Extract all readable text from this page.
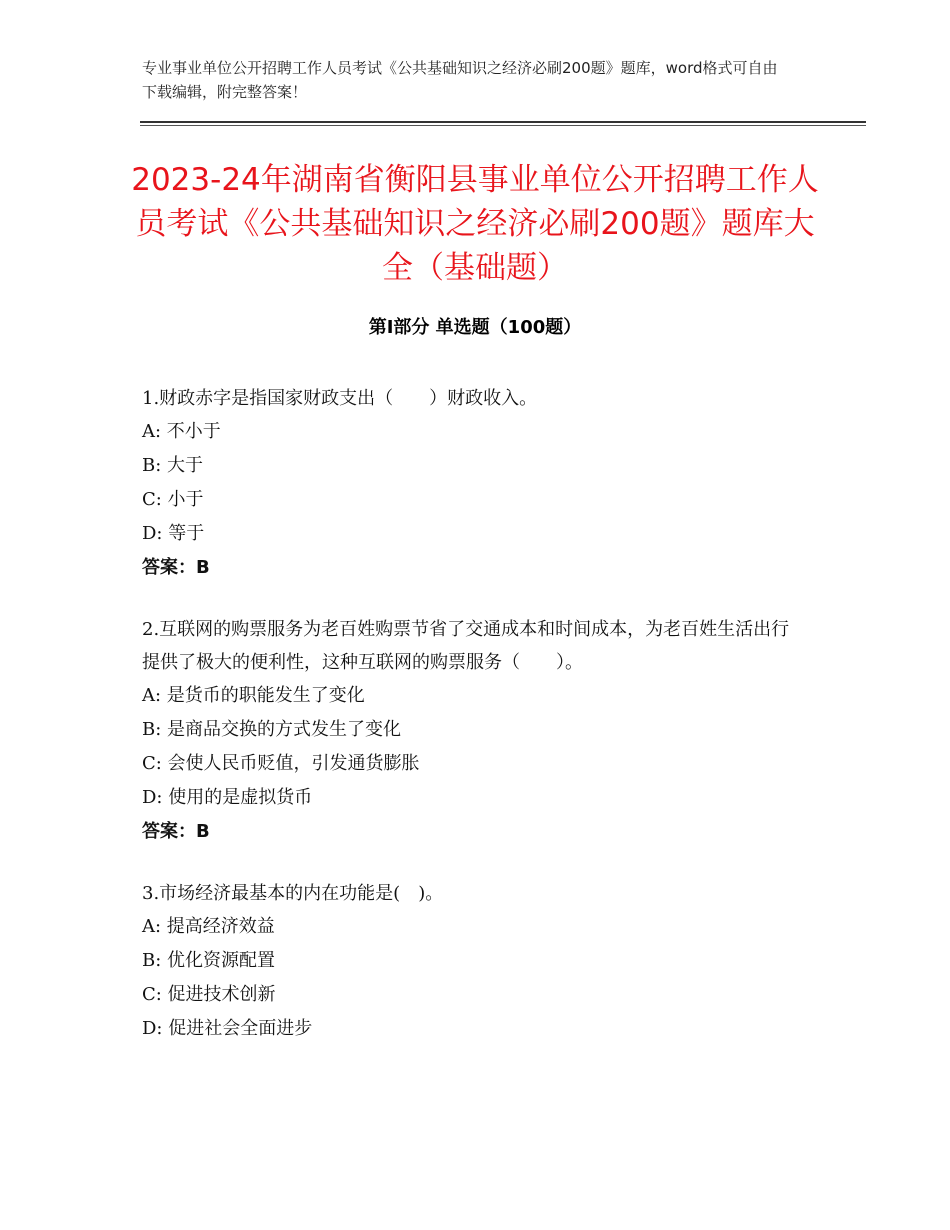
专业事业单位公开招聘工作人员考试《公共基础知识之经济必刷200题》题库，word格式可自由下载编辑，附完整答案！
2023-24年湖南省衡阳县事业单位公开招聘工作人员考试《公共基础知识之经济必刷200题》题库大全（基础题）
第Ⅰ部分 单选题（100题）

1.财政赤字是指国家财政支出（　　）财政收入。

A: 不小于

B: 大于

C: 小于

D: 等于

答案：B

2.互联网的购票服务为老百姓购票节省了交通成本和时间成本，为老百姓生活出行提供了极大的便利性，这种互联网的购票服务（　　）。

A: 是货币的职能发生了变化

B: 是商品交换的方式发生了变化

C: 会使人民币贬值，引发通货膨胀

D: 使用的是虚拟货币

答案：B

3.市场经济最基本的内在功能是(　)。

A: 提高经济效益

B: 优化资源配置

C: 促进技术创新

D: 促进社会全面进步
